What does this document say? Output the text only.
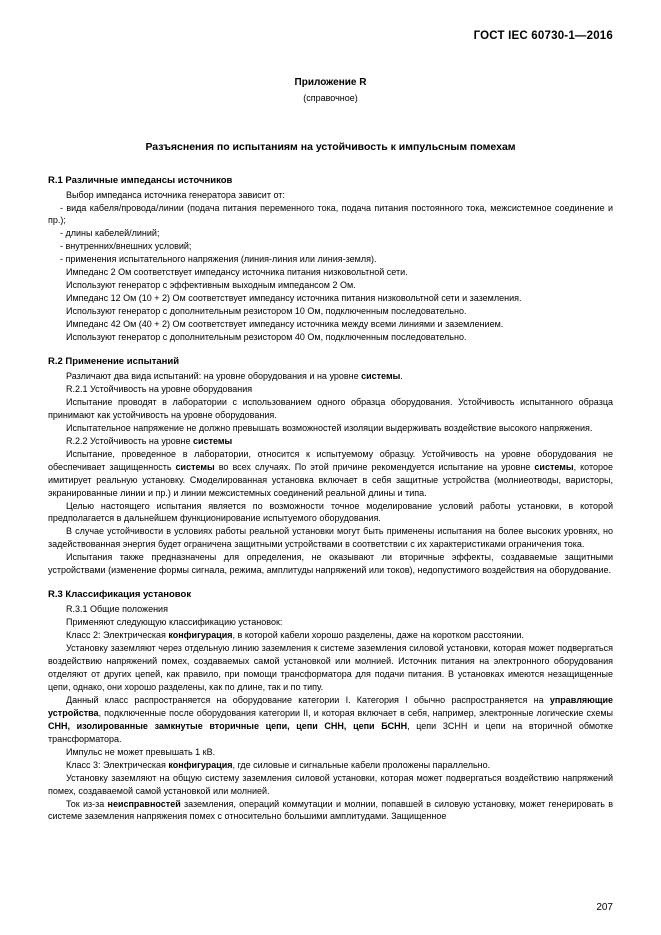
ГОСТ IEC 60730-1—2016
Приложение R
(справочное)
Разъяснения по испытаниям на устойчивость к импульсным помехам
R.1 Различные импедансы источников

Выбор импеданса источника генератора зависит от:

- вида кабеля/провода/линии (подача питания переменного тока, подача питания постоянного тока, межсистемное соединение и пр.);

- длины кабелей/линий;

- внутренних/внешних условий;

- применения испытательного напряжения (линия-линия или линия-земля).

Импеданс 2 Ом соответствует импедансу источника питания низковольтной сети.

Используют генератор с эффективным выходным импедансом 2 Ом.

Импеданс 12 Ом (10 + 2) Ом соответствует импедансу источника питания низковольтной сети и заземления.

Используют генератор с дополнительным резистором 10 Ом, подключенным последовательно.

Импеданс 42 Ом (40 + 2) Ом соответствует импедансу источника между всеми линиями и заземлением.

Используют генератор с дополнительным резистором 40 Ом, подключенным последовательно.

R.2 Применение испытаний

Различают два вида испытаний: на уровне оборудования и на уровне системы.

R.2.1 Устойчивость на уровне оборудования

Испытание проводят в лаборатории с использованием одного образца оборудования. Устойчивость испытанного образца принимают как устойчивость на уровне оборудования.

Испытательное напряжение не должно превышать возможностей изоляции выдерживать воздействие высокого напряжения.

R.2.2 Устойчивость на уровне системы

Испытание, проведенное в лаборатории, относится к испытуемому образцу. Устойчивость на уровне оборудования не обеспечивает защищенность системы во всех случаях. По этой причине рекомендуется испытание на уровне системы, которое имитирует реальную установку. Смоделированная установка включает в себя защитные устройства (молниеотводы, варисторы, экранированные линии и пр.) и линии межсистемных соединений реальной длины и типа.

Целью настоящего испытания является по возможности точное моделирование условий работы установки, в которой предполагается в дальнейшем функционирование испытуемого оборудования.

В случае устойчивости в условиях работы реальной установки могут быть применены испытания на более высоких уровнях, но задействованная энергия будет ограничена защитными устройствами в соответствии с их характеристиками ограничения тока.

Испытания также предназначены для определения, не оказывают ли вторичные эффекты, создаваемые защитными устройствами (изменение формы сигнала, режима, амплитуды напряжений или токов), недопустимого воздействия на оборудование.

R.3 Классификация установок

R.3.1 Общие положения

Применяют следующую классификацию установок:

Класс 2: Электрическая конфигурация, в которой кабели хорошо разделены, даже на коротком расстоянии.

Установку заземляют через отдельную линию заземления к системе заземления силовой установки, которая может подвергаться воздействию напряжений помех, создаваемых самой установкой или молнией. Источник питания на электронного оборудования отделяют от других цепей, как правило, при помощи трансформатора для подачи питания. В установках имеются незащищенные цепи, однако, они хорошо разделены, как по длине, так и по типу.

Данный класс распространяется на оборудование категории I. Категория I обычно распространяется на управляющие устройства, подключенные после оборудования категории II, и которая включает в себя, например, электронные логические схемы СНН, изолированные замкнутые вторичные цепи, цепи СНН, цепи БСНН, цепи 3СНН и цепи на вторичной обмотке трансформатора.

Импульс не может превышать 1 кВ.

Класс 3: Электрическая конфигурация, где силовые и сигнальные кабели проложены параллельно.

Установку заземляют на общую систему заземления силовой установки, которая может подвергаться воздействию напряжений помех, создаваемой самой установкой или молнией.

Ток из-за неисправностей заземления, операций коммутации и молнии, попавшей в силовую установку, может генерировать в системе заземления напряжения помех с относительно большими амплитудами. Защищенное

207
